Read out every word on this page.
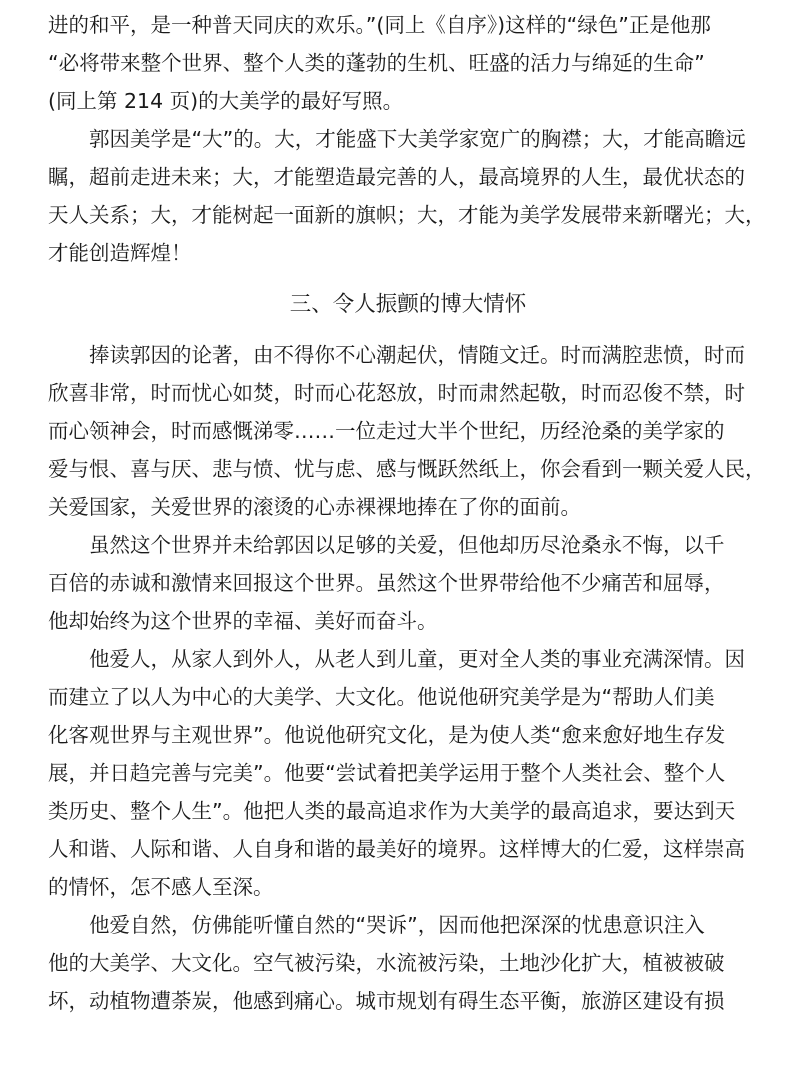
进的和平，是一种普天同庆的欢乐。”(同上《自序》)这样的“绿色”正是他那
“必将带来整个世界、整个人类的蓬勃的生机、旺盛的活力与绵延的生命”
(同上第 214 页)的大美学的最好写照。
　　郭因美学是“大”的。大，才能盛下大美学家宽广的胸襟；大，才能高瞻远
瞩，超前走进未来；大，才能塑造最完善的人，最高境界的人生，最优状态的
天人关系；大，才能树起一面新的旗帜；大，才能为美学发展带来新曙光；大，
才能创造辉煌！
三、令人振颤的博大情怀
　　捧读郭因的论著，由不得你不心潮起伏，情随文迁。时而满腔悲愤，时而
欣喜非常，时而忧心如焚，时而心花怒放，时而肃然起敬，时而忍俊不禁，时
而心领神会，时而感慨涕零……一位走过大半个世纪，历经沧桑的美学家的
爱与恨、喜与厌、悲与愤、忧与虑、感与慨跃然纸上，你会看到一颗关爱人民，
关爱国家，关爱世界的滚烫的心赤裸裸地捧在了你的面前。
　　虽然这个世界并未给郭因以足够的关爱，但他却历尽沧桑永不悔，以千
百倍的赤诚和激情来回报这个世界。虽然这个世界带给他不少痛苦和屈辱，
他却始终为这个世界的幸福、美好而奋斗。
　　他爱人，从家人到外人，从老人到儿童，更对全人类的事业充满深情。因
而建立了以人为中心的大美学、大文化。他说他研究美学是为“帮助人们美
化客观世界与主观世界”。他说他研究文化，是为使人类“愈来愈好地生存发
展，并日趋完善与完美”。他要“尝试着把美学运用于整个人类社会、整个人
类历史、整个人生”。他把人类的最高追求作为大美学的最高追求，要达到天
人和谐、人际和谐、人自身和谐的最美好的境界。这样博大的仁爱，这样崇高
的情怀，怎不感人至深。
　　他爱自然，仿佛能听懂自然的“哭诉”，因而他把深深的忧患意识注入
他的大美学、大文化。空气被污染，水流被污染，土地沙化扩大，植被被破
坏，动植物遭荼炭，他感到痛心。城市规划有碍生态平衡，旅游区建设有损
